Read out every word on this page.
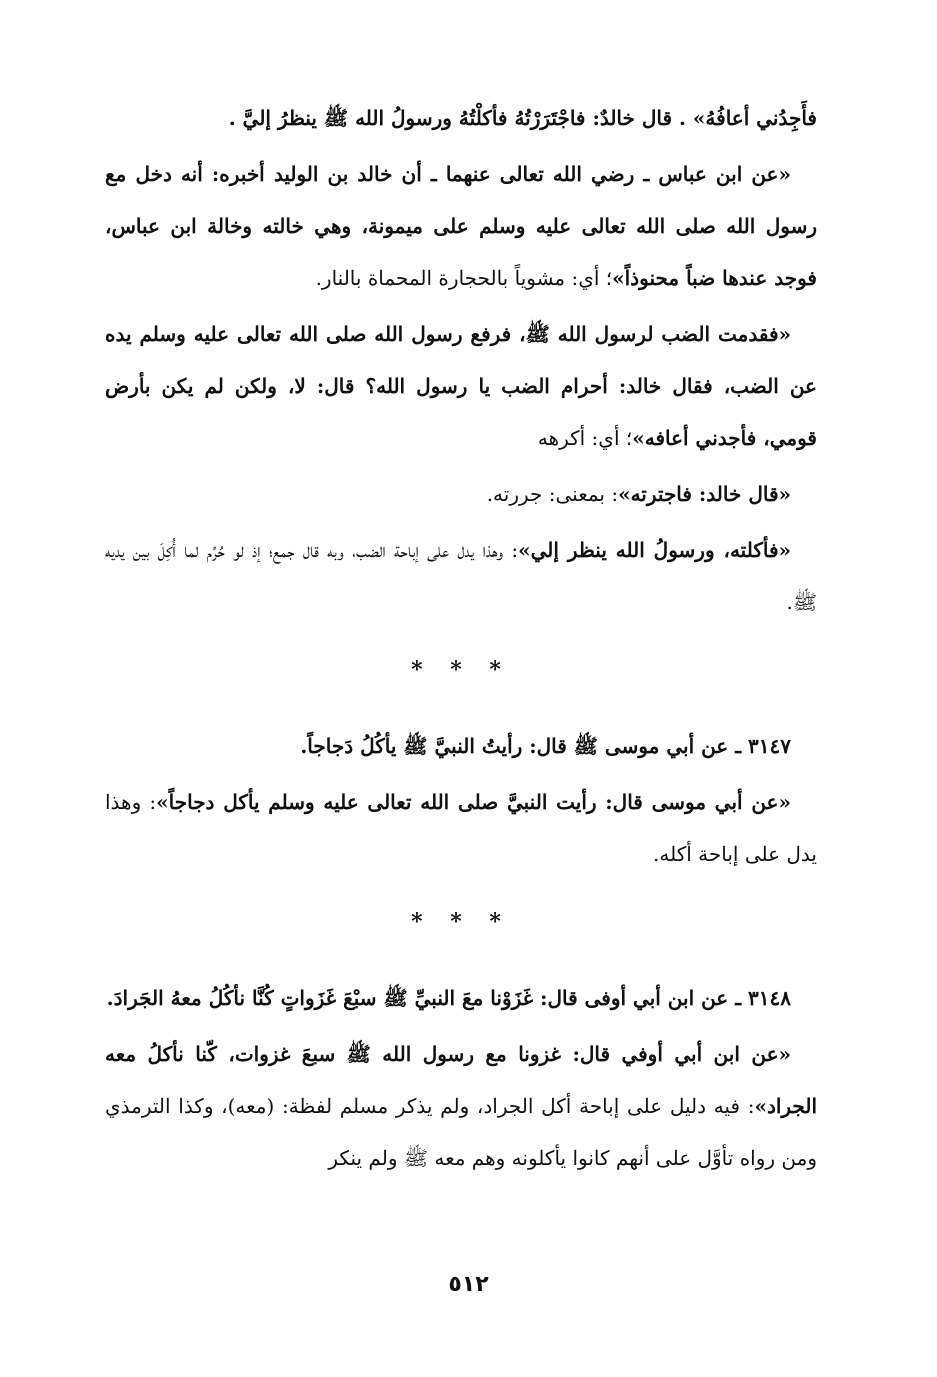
فأَجِدُني أعافُهُ» . قال خالدٌ: فاجْتَرَرْتُهُ فأكلْتُهُ ورسولُ الله ﷺ ينظرُ إليَّ .

«عن ابن عباس ـ رضي الله تعالى عنهما ـ أن خالد بن الوليد أخبره: أنه دخل مع رسول الله صلى الله تعالى عليه وسلم على ميمونة، وهي خالته وخالة ابن عباس، فوجد عندها ضباً محنوذاً»؛ أي: مشوياً بالحجارة المحماة بالنار.

«فقدمت الضب لرسول الله ﷺ، فرفع رسول الله صلى الله تعالى عليه وسلم يده عن الضب، فقال خالد: أحرام الضب يا رسول الله؟ قال: لا، ولكن لم يكن بأرض قومي، فأجدني أعافه»؛ أي: أكرهه

«قال خالد: فاجترته»: بمعنى: جررته.

«فأكلته، ورسولُ الله ينظر إلي»: وهذا يدل على إباحة الضب، وبه قال جمع؛ إذ لو حُرِّم لما أُكِلَ بين يديه ﷺ.

* * *

٣١٤٧ ـ عن أبي موسى ﷺ قال: رأيتُ النبيَّ ﷺ يأكُلُ دَجاجاً.

«عن أبي موسى قال: رأيت النبيَّ صلى الله تعالى عليه وسلم يأكل دجاجاً»: وهذا يدل على إباحة أكله.

* * *

٣١٤٨ ـ عن ابن أبي أوفى قال: غَزَوْنا معَ النبيِّ ﷺ سبْعَ غَزَواتٍ كُنَّا نأكُلُ معهُ الجَرادَ.

«عن ابن أبي أوفي قال: غزونا مع رسول الله ﷺ سبعَ غزوات، كّنا نأكلُ معه الجراد»: فيه دليل على إباحة أكل الجراد، ولم يذكر مسلم لفظة: (معه)، وكذا الترمذي ومن رواه تأوَّل على أنهم كانوا يأكلونه وهم معه ﷺ ولم ينكر

٥١٢
